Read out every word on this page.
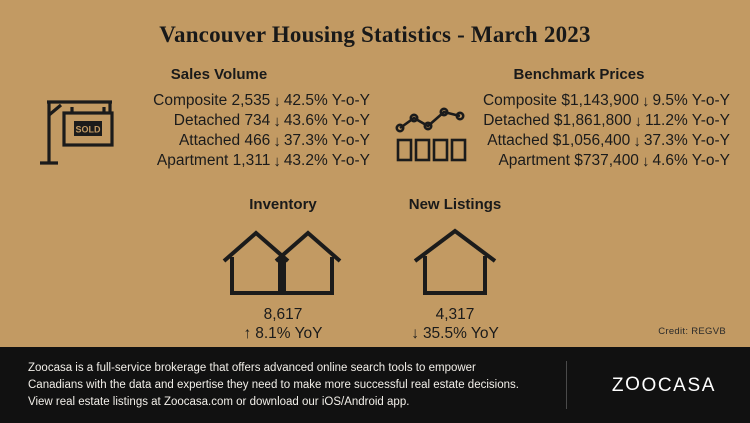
Vancouver Housing Statistics - March 2023
Sales Volume
SOLD
Composite 2,535 ↓ 42.5% Y-o-Y
Detached 734 ↓ 43.6% Y-o-Y
Attached 466 ↓ 37.3% Y-o-Y
Apartment 1,311 ↓ 43.2% Y-o-Y
Benchmark Prices
Composite $1,143,900 ↓ 9.5% Y-o-Y
Detached $1,861,800 ↓ 11.2% Y-o-Y
Attached $1,056,400 ↓ 37.3% Y-o-Y
Apartment $737,400 ↓ 4.6% Y-o-Y
Inventory
8,617
↑ 8.1% YoY
New Listings
4,317
↓ 35.5% YoY	Credit: REGVB
Zoocasa is a full-service brokerage that offers advanced online search tools to empower
Canadians with the data and expertise they need to make more successful real estate decisions.
View real estate listings at Zoocasa.com or download our iOS/Android app.
ZOOCASA
